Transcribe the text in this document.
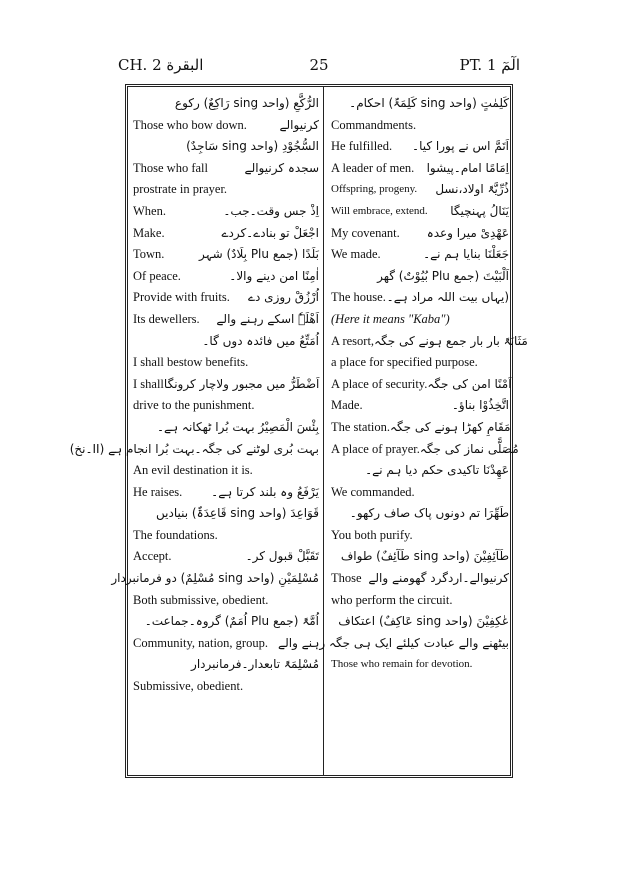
CH. 2 البقرة	25	PT. 1 الٓمٓ
الرُّكَّعِ (واحد sing رَاكِعٌ) رکوع
Those who bow down.	کرنیوالے
السُّجُوْدِ (واحد sing سَاجِدٌ)
Those who fall	سجدہ کرنیوالے
prostrate in prayer.
When.	اِذْ جس وقت۔جب۔
Make.	اجْعَلْ تو بنادے۔کردے
Town.	بَلَدًا (جمع Plu بِلَادٌ) شہر
Of peace.	اٰمِنًا امن دینے والا۔
Provide with fruits.	اُرْزُقْ روزی دے
Its dewellers.	اَھْلَہٗ اسکے رہنے والے
اُمَتِّعُ میں فائدہ دوں گا۔
I shall bestow benefits.
I shall اَضْطَرُّ میں مجبور ولاچار کرونگا
drive to the punishment.
بِئْسَ الْمَصِیْرُ بہت بُرا ٹھکانہ ہے۔
بہت بُری لوٹنے کی جگہ۔بہت بُرا انجام ہے (II۔نخ)
An evil destination it is.
He raises.	یَرْفَعُ وہ بلند کرتا ہے۔
قَوَاعِدَ (واحد sing قَاعِدَۃٌ) بنیادیں
The foundations.
Accept.	تَقَبَّلْ قبول کر۔
مُسْلِمَیْنِ (واحد sing مُسْلِمٌ) دو فرمانبردار
Both submissive, obedient.
اُمَّۃً (جمع Plu اُمَمٌ) گروہ۔جماعت۔
Community, nation, group.
مُسْلِمَۃً تابعدار۔فرمانبردار
Submissive, obedient.
کَلِمٰتٍ (واحد sing کَلِمَۃٌ) احکام۔
Commandments.
He fulfilled.	اَتَمَّ اس نے پورا کیا۔
A leader of men.	اِمَامًا امام۔پیشوا
Offspring, progeny.	ذُرِّیَّۃً اولاد،نسل
Will embrace, extend.	یَنَالُ پہنچیگا
My covenant.	عَھْدِیْ میرا وعدہ
We made.	جَعَلْنَا بنایا ہم نے۔
اَلْبَیْتَ (جمع Plu بُیُوْتٌ) گھر
The house. (یہاں بیت اللہ مراد ہے۔
(Here it means "Kaba")
A resort, مَثَابَۃً بار بار جمع ہونے کی جگہ
a place for specified purpose.
A place of security. اَمْنًا امن کی جگہ
Made.	اتَّخِذُوْا بناؤ۔
The station. مَقَامِ کھڑا ہونے کی جگہ
A place of prayer. مُصَلًّی نماز کی جگہ
عَھِدْنَا تاکیدی حکم دیا ہم نے۔
We commanded.
طَھِّرَا تم دونوں پاک صاف رکھو۔
You both purify.
طَآئِفِیْنَ (واحد sing طَآئِفٌ) طواف
Those کرنیوالے۔اردگرد گھومنے والے
who perform the circuit.
عٰکِفِیْنَ (واحد sing عَاکِفٌ) اعتکاف
بیٹھنے والے عبادت کیلئے ایک ہی جگہ رہنے والے
Those who remain for devotion.
